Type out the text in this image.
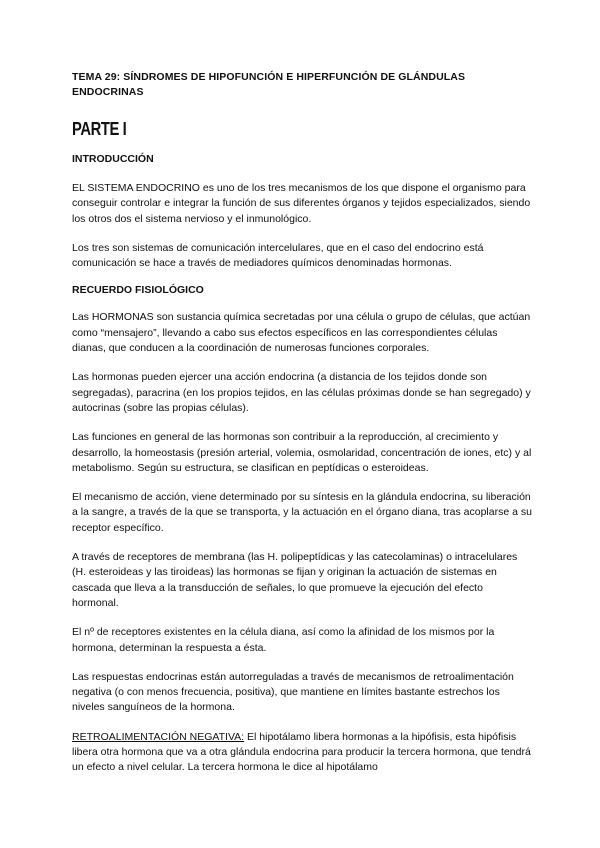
TEMA 29: SÍNDROMES DE HIPOFUNCIÓN E HIPERFUNCIÓN DE GLÁNDULAS ENDOCRINAS

PARTE I

INTRODUCCIÓN

EL SISTEMA ENDOCRINO es uno de los tres mecanismos de los que dispone el organismo para conseguir controlar e integrar la función de sus diferentes órganos y tejidos especializados, siendo los otros dos el sistema nervioso y el inmunológico.

Los tres son sistemas de comunicación intercelulares, que en el caso del endocrino está comunicación se hace a través de mediadores químicos denominadas hormonas.

RECUERDO FISIOLÓGICO

Las HORMONAS son sustancia química secretadas por una célula o grupo de células, que actúan como “mensajero”, llevando a cabo sus efectos específicos en las correspondientes células dianas, que conducen a la coordinación de numerosas funciones corporales.

Las hormonas pueden ejercer una acción endocrina (a distancia de los tejidos donde son segregadas), paracrina (en los propios tejidos, en las células próximas donde se han segregado) y autocrinas (sobre las propias células).

Las funciones en general de las hormonas son contribuir a la reproducción, al crecimiento y desarrollo, la homeostasis (presión arterial, volemia, osmolaridad, concentración de iones, etc) y al metabolismo. Según su estructura, se clasifican en peptídicas o esteroideas.

El mecanismo de acción, viene determinado por su síntesis en la glándula endocrina, su liberación a la sangre, a través de la que se transporta, y la actuación en el órgano diana, tras acoplarse a su receptor específico.

A través de receptores de membrana (las H. polipeptídicas y las catecolaminas) o intracelulares (H. esteroideas y las tiroideas) las hormonas se fijan y originan la actuación de sistemas en cascada que lleva a la transducción de señales, lo que promueve la ejecución del efecto hormonal.

El nº de receptores existentes en la célula diana, así como la afinidad de los mismos por la hormona, determinan la respuesta a ésta.

Las respuestas endocrinas están autorreguladas a través de mecanismos de retroalimentación negativa (o con menos frecuencia, positiva), que mantiene en límites bastante estrechos los niveles sanguíneos de la hormona.

RETROALIMENTACIÓN NEGATIVA: El hipotálamo libera hormonas a la hipófisis, esta hipófisis libera otra hormona que va a otra glándula endocrina para producir la tercera hormona, que tendrá un efecto a nivel celular. La tercera hormona le dice al hipotálamo
